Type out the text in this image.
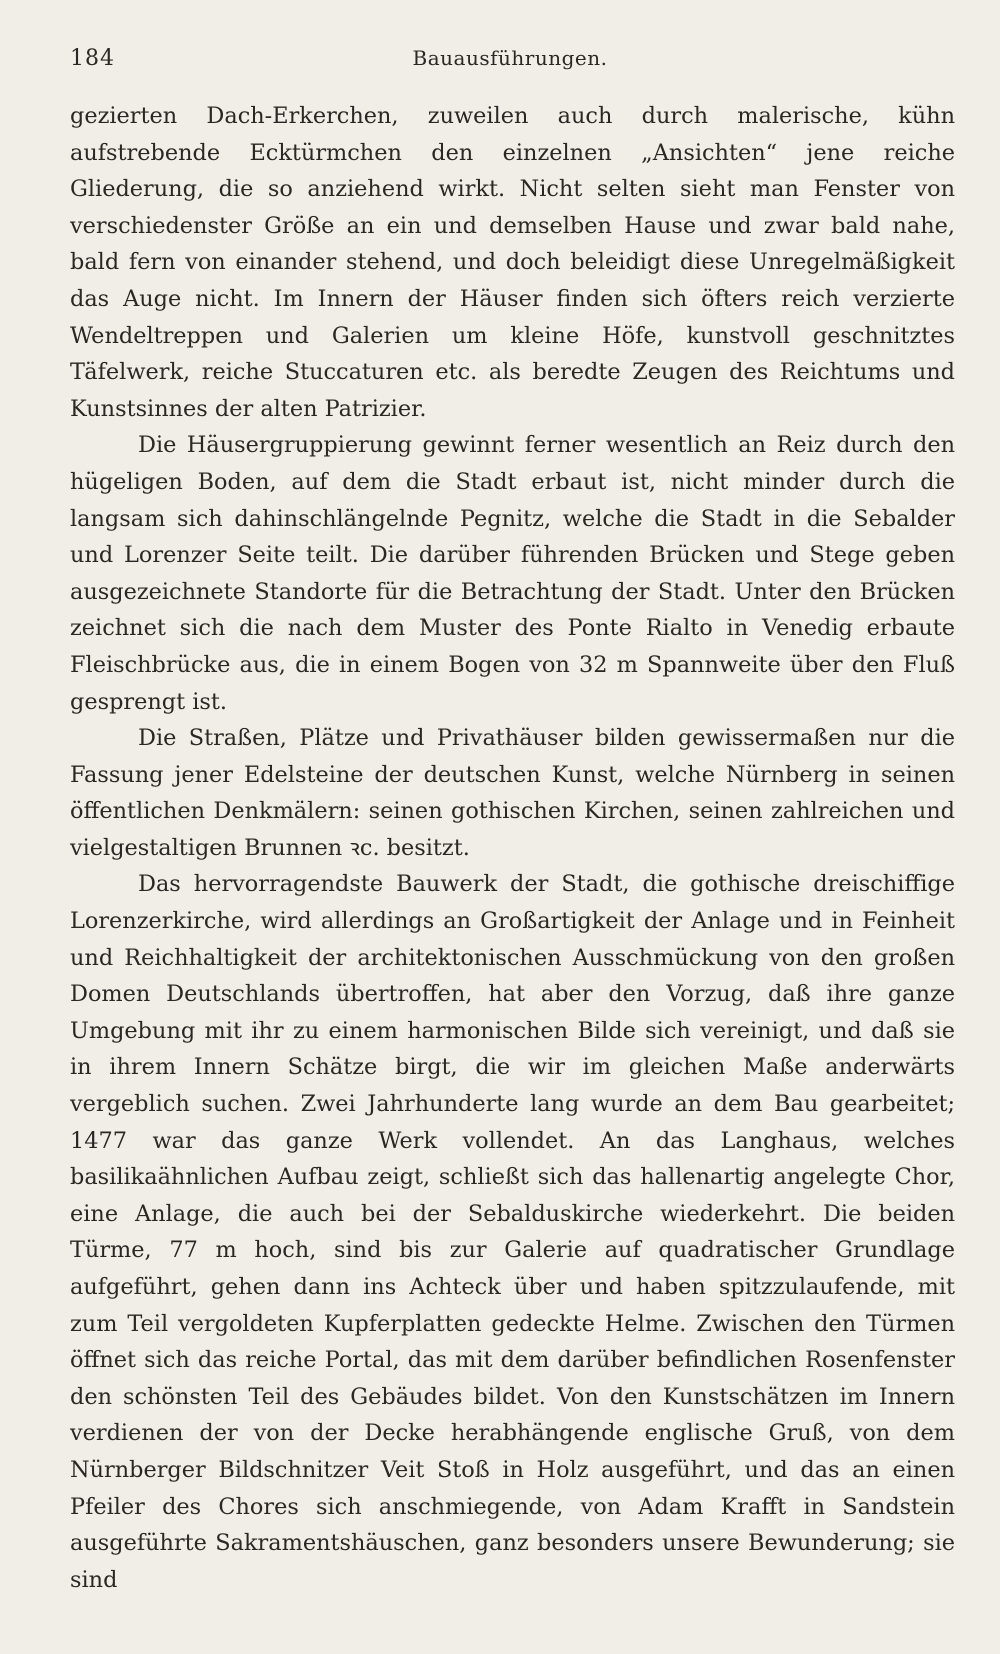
184	Bauausführungen.

gezierten Dach-Erkerchen, zuweilen auch durch malerische, kühn aufstrebende Ecktürmchen den einzelnen „Ansichten“ jene reiche Gliederung, die so anziehend wirkt. Nicht selten sieht man Fenster von verschiedenster Größe an ein und demselben Hause und zwar bald nahe, bald fern von einander stehend, und doch beleidigt diese Unregelmäßigkeit das Auge nicht. Im Innern der Häuser finden sich öfters reich verzierte Wendeltreppen und Galerien um kleine Höfe, kunstvoll geschnitztes Täfelwerk, reiche Stuccaturen etc. als beredte Zeugen des Reichtums und Kunstsinnes der alten Patrizier.

Die Häusergruppierung gewinnt ferner wesentlich an Reiz durch den hügeligen Boden, auf dem die Stadt erbaut ist, nicht minder durch die langsam sich dahinschlängelnde Pegnitz, welche die Stadt in die Sebalder und Lorenzer Seite teilt. Die darüber führenden Brücken und Stege geben ausgezeichnete Standorte für die Betrachtung der Stadt. Unter den Brücken zeichnet sich die nach dem Muster des Ponte Rialto in Venedig erbaute Fleischbrücke aus, die in einem Bogen von 32 m Spannweite über den Fluß gesprengt ist.

Die Straßen, Plätze und Privathäuser bilden gewissermaßen nur die Fassung jener Edelsteine der deutschen Kunst, welche Nürnberg in seinen öffentlichen Denkmälern: seinen gothischen Kirchen, seinen zahlreichen und vielgestaltigen Brunnen ꝛc. besitzt.

Das hervorragendste Bauwerk der Stadt, die gothische dreischiffige Lorenzerkirche, wird allerdings an Großartigkeit der Anlage und in Feinheit und Reichhaltigkeit der architektonischen Ausschmückung von den großen Domen Deutschlands übertroffen, hat aber den Vorzug, daß ihre ganze Umgebung mit ihr zu einem harmonischen Bilde sich vereinigt, und daß sie in ihrem Innern Schätze birgt, die wir im gleichen Maße anderwärts vergeblich suchen. Zwei Jahrhunderte lang wurde an dem Bau gearbeitet; 1477 war das ganze Werk vollendet. An das Langhaus, welches basilikaähnlichen Aufbau zeigt, schließt sich das hallenartig angelegte Chor, eine Anlage, die auch bei der Sebalduskirche wiederkehrt. Die beiden Türme, 77 m hoch, sind bis zur Galerie auf quadratischer Grundlage aufgeführt, gehen dann ins Achteck über und haben spitzzulaufende, mit zum Teil vergoldeten Kupferplatten gedeckte Helme. Zwischen den Türmen öffnet sich das reiche Portal, das mit dem darüber befindlichen Rosenfenster den schönsten Teil des Gebäudes bildet. Von den Kunstschätzen im Innern verdienen der von der Decke herabhängende englische Gruß, von dem Nürnberger Bildschnitzer Veit Stoß in Holz ausgeführt, und das an einen Pfeiler des Chores sich anschmiegende, von Adam Krafft in Sandstein ausgeführte Sakramentshäuschen, ganz besonders unsere Bewunderung; sie sind
